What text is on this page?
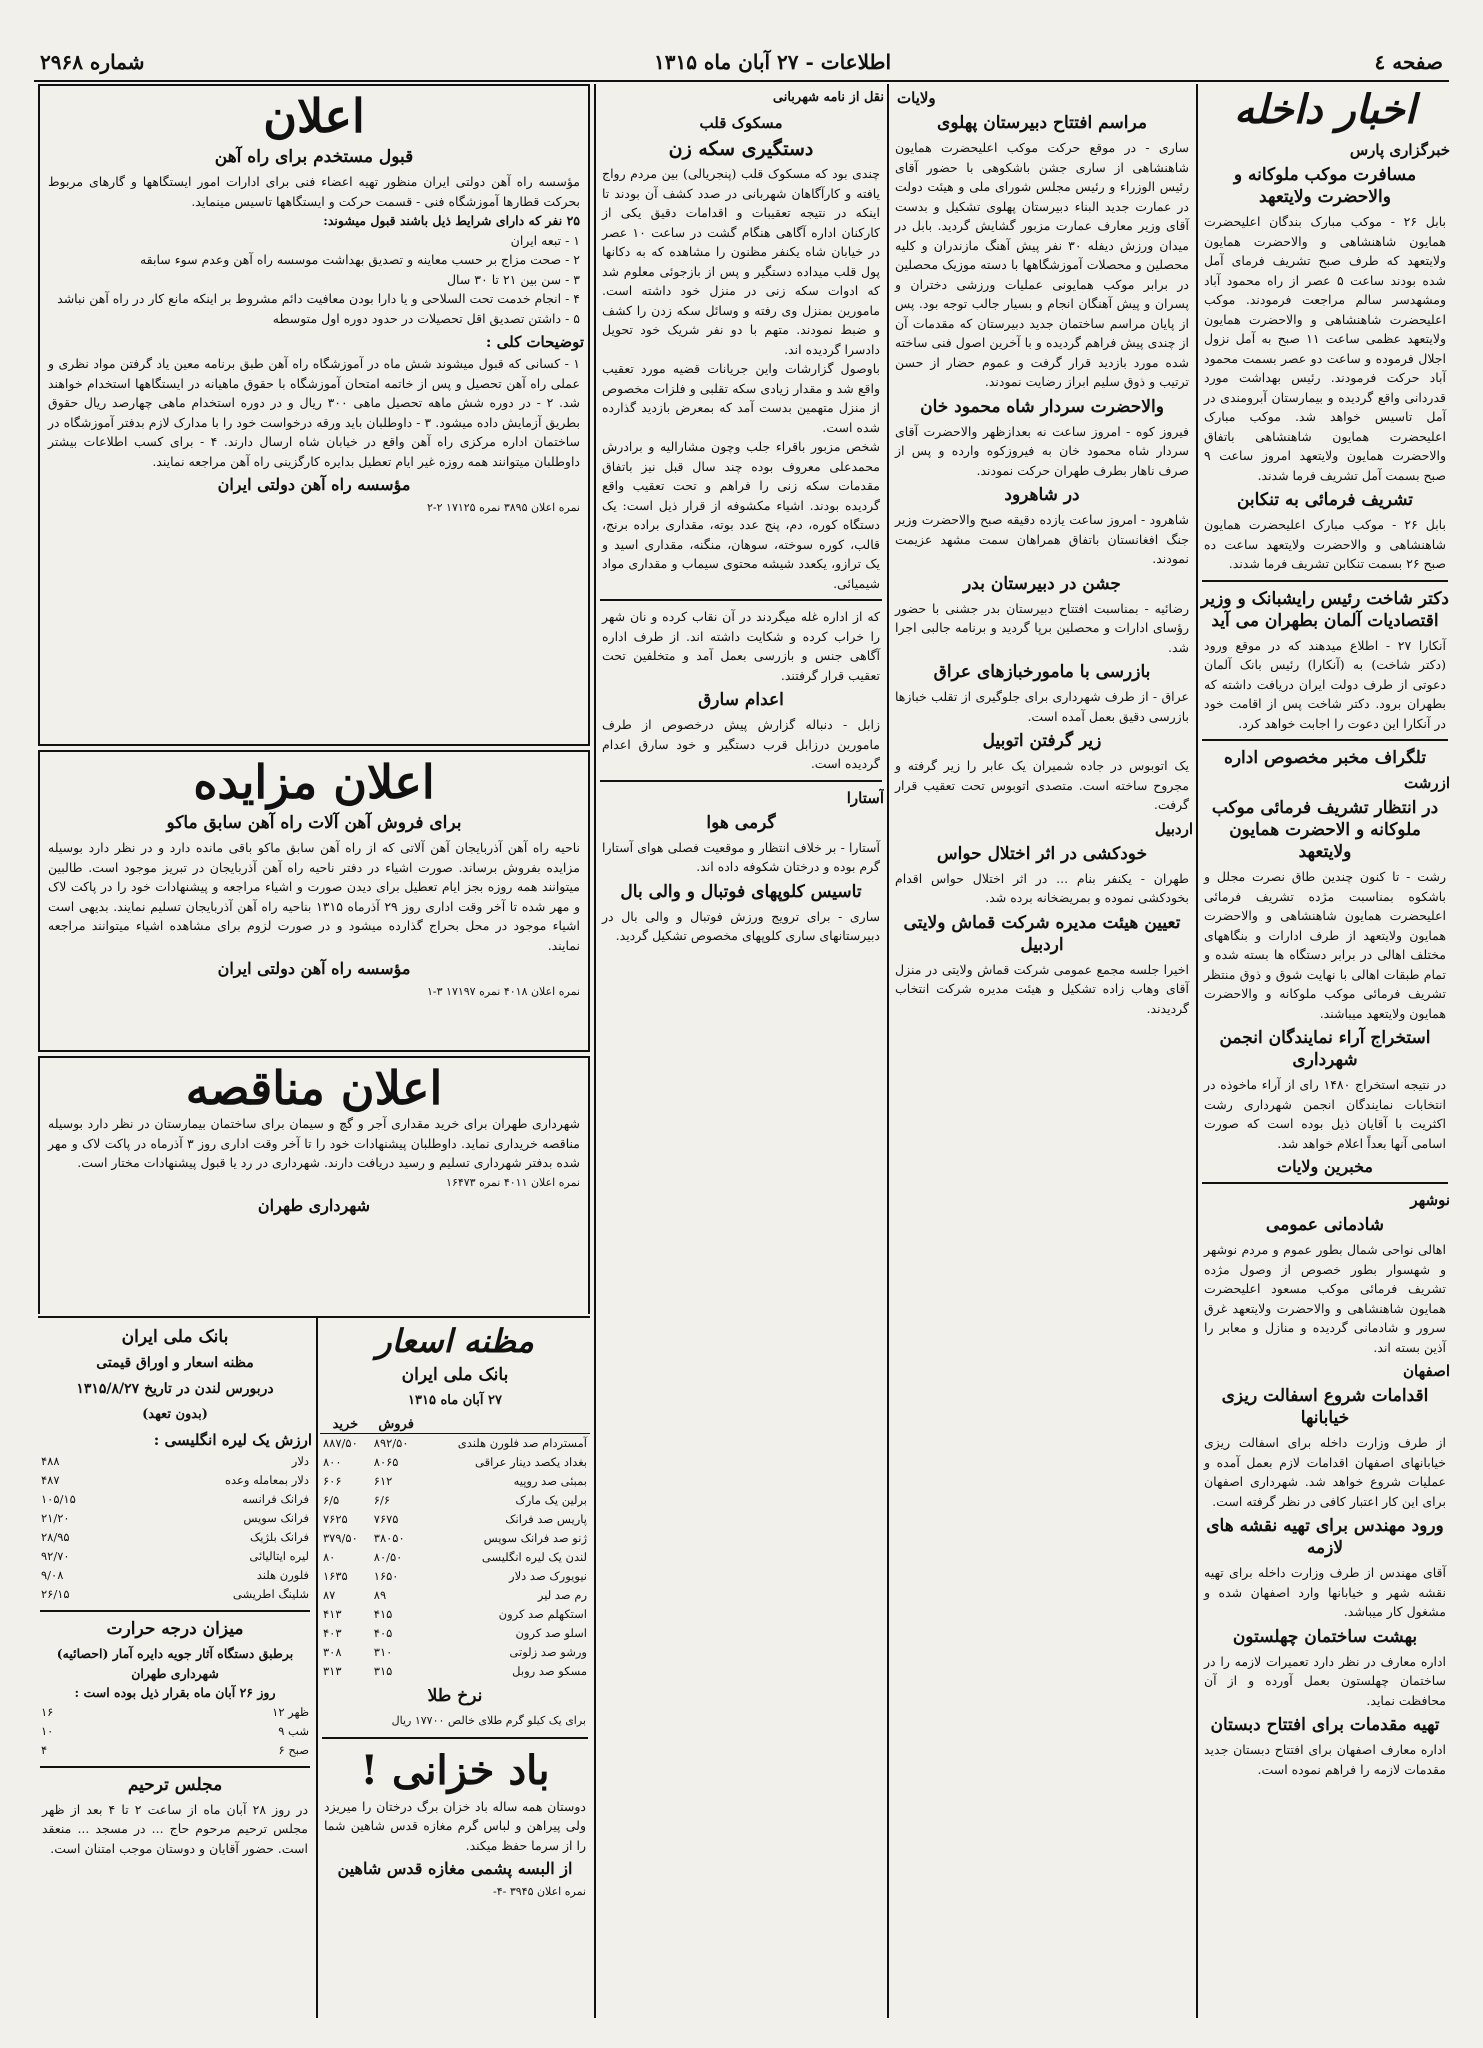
صفحه ٤
اطلاعات - ۲۷ آبان ماه ۱۳۱۵
شماره ۲۹۶۸
اخبار داخله
خبرگزاری پارس
مسافرت موکب ملوکانه و والاحضرت ولایتعهد
بابل ۲۶ - موکب مبارک بندگان اعلیحضرت همایون شاهنشاهی و والاحضرت همایون ولایتعهد که طرف صبح تشریف فرمای آمل شده بودند ساعت ۵ عصر از راه محمود آباد ومشهدسر سالم مراجعت فرمودند. موکب اعلیحضرت شاهنشاهی و والاحضرت همایون ولایتعهد عظمی ساعت ۱۱ صبح به آمل نزول اجلال فرموده و ساعت دو عصر بسمت محمود آباد حرکت فرمودند. رئیس بهداشت مورد قدردانی واقع گردیده و بیمارستان آبرومندی در آمل تاسیس خواهد شد. موکب مبارک اعلیحضرت همایون شاهنشاهی باتفاق والاحضرت همایون ولایتعهد امروز ساعت ۹ صبح بسمت آمل تشریف فرما شدند.
تشریف فرمائی به تنکابن
بابل ۲۶ - موکب مبارک اعلیحضرت همایون شاهنشاهی و والاحضرت ولایتعهد ساعت ده صبح ۲۶ بسمت تنکابن تشریف فرما شدند.
دکتر شاخت رئیس رایشبانک و وزیر اقتصادیات آلمان بطهران می آید
آنکارا ۲۷ - اطلاع میدهند که در موقع ورود (دکتر شاخت) به (آنکارا) رئیس بانک آلمان دعوتی از طرف دولت ایران دریافت داشته که بطهران برود. دکتر شاخت پس از اقامت خود در آنکارا این دعوت را اجابت خواهد کرد.
تلگراف مخبر مخصوص اداره
ازرشت
در انتظار تشریف فرمائی موکب ملوکانه و الاحضرت همایون ولایتعهد
رشت - تا کنون چندین طاق نصرت مجلل و باشکوه بمناسبت مژده تشریف فرمائی اعلیحضرت همایون شاهنشاهی و والاحضرت همایون ولایتعهد از طرف ادارات و بنگاههای مختلف اهالی در برابر دستگاه ها بسته شده و تمام طبقات اهالی با نهایت شوق و ذوق منتظر تشریف فرمائی موکب ملوکانه و والاحضرت همایون ولایتعهد میباشند.
استخراج آراء نمایندگان انجمن شهرداری
در نتیجه استخراج ۱۴۸۰ رای از آراء ماخوذه در انتخابات نمایندگان انجمن شهرداری رشت اکثریت با آقایان ذیل بوده است که صورت اسامی آنها بعداً اعلام خواهد شد.
مخبرین ولایات
نوشهر
شادمانی عمومی
اهالی نواحی شمال بطور عموم و مردم نوشهر و شهسوار بطور خصوص از وصول مژده تشریف فرمائی موکب مسعود اعلیحضرت همایون شاهنشاهی و والاحضرت ولایتعهد غرق سرور و شادمانی گردیده و منازل و معابر را آذین بسته اند.
اصفهان
اقدامات شروع اسفالت ریزی خیابانها
از طرف وزارت داخله برای اسفالت ریزی خیابانهای اصفهان اقدامات لازم بعمل آمده و عملیات شروع خواهد شد. شهرداری اصفهان برای این کار اعتبار کافی در نظر گرفته است.
ورود مهندس برای تهیه نقشه های لازمه
آقای مهندس از طرف وزارت داخله برای تهیه نقشه شهر و خیابانها وارد اصفهان شده و مشغول کار میباشد.
بهشت ساختمان چهلستون
اداره معارف در نظر دارد تعمیرات لازمه را در ساختمان چهلستون بعمل آورده و از آن محافظت نماید.
تهیه مقدمات برای افتتاح دبستان
اداره معارف اصفهان برای افتتاح دبستان جدید مقدمات لازمه را فراهم نموده است.
ولایات
مراسم افتتاح دبیرستان پهلوی
ساری - در موقع حرکت موکب اعلیحضرت همایون شاهنشاهی از ساری جشن باشکوهی با حضور آقای رئیس الوزراء و رئیس مجلس شورای ملی و هیئت دولت در عمارت جدید البناء دبیرستان پهلوی تشکیل و بدست آقای وزیر معارف عمارت مزبور گشایش گردید. بابل در میدان ورزش دیفله ۳۰ نفر پیش آهنگ مازندران و کلیه محصلین و محصلات آموزشگاهها با دسته موزیک محصلین در برابر موکب همایونی عملیات ورزشی دختران و پسران و پیش آهنگان انجام و بسیار جالب توجه بود. پس از پایان مراسم ساختمان جدید دبیرستان که مقدمات آن از چندی پیش فراهم گردیده و با آخرین اصول فنی ساخته شده مورد بازدید قرار گرفت و عموم حضار از حسن ترتیب و ذوق سلیم ابراز رضایت نمودند.
والاحضرت سردار شاه محمود خان
فیروز کوه - امروز ساعت نه بعدازظهر والاحضرت آقای سردار شاه محمود خان به فیروزکوه وارده و پس از صرف ناهار بطرف طهران حرکت نمودند.
در شاهرود
شاهرود - امروز ساعت یازده دقیقه صبح والاحضرت وزیر جنگ افغانستان باتفاق همراهان سمت مشهد عزیمت نمودند.
جشن در دبیرستان بدر
رضائیه - بمناسبت افتتاح دبیرستان بدر جشنی با حضور رؤسای ادارات و محصلین برپا گردید و برنامه جالبی اجرا شد.
بازرسی با مامورخبازهای عراق
عراق - از طرف شهرداری برای جلوگیری از تقلب خبازها بازرسی دقیق بعمل آمده است.
زیر گرفتن اتوبیل
یک اتوبوس در جاده شمیران یک عابر را زیر گرفته و مجروح ساخته است. متصدی اتوبوس تحت تعقیب قرار گرفت.
اردبیل
خودکشی در اثر اختلال حواس
طهران - یکنفر بنام ... در اثر اختلال حواس اقدام بخودکشی نموده و بمریضخانه برده شد.
تعیین هیئت مدیره شرکت قماش ولایتی اردبیل
اخیرا جلسه مجمع عمومی شرکت قماش ولایتی در منزل آقای وهاب زاده تشکیل و هیئت مدیره شرکت انتخاب گردیدند.
نقل از نامه شهربانی
مسکوک قلب
دستگیری سکه زن
چندی بود که مسکوک قلب (پنجریالی) بین مردم رواج یافته و کارآگاهان شهربانی در صدد کشف آن بودند تا اینکه در نتیجه تعقیبات و اقدامات دقیق یکی از کارکنان اداره آگاهی هنگام گشت در ساعت ۱۰ عصر در خیابان شاه یکنفر مظنون را مشاهده که به دکانها پول قلب میداده دستگیر و پس از بازجوئی معلوم شد که ادوات سکه زنی در منزل خود داشته است. مامورین بمنزل وی رفته و وسائل سکه زدن را کشف و ضبط نمودند. متهم با دو نفر شریک خود تحویل دادسرا گردیده اند.
باوصول گزارشات واین جریانات قضیه مورد تعقیب واقع شد و مقدار زیادی سکه تقلبی و فلزات مخصوص از منزل متهمین بدست آمد که بمعرض بازدید گذارده شده است.
شخص مزبور باقراء جلب وچون مشارالیه و برادرش محمدعلی معروف بوده چند سال قبل نیز باتفاق مقدمات سکه زنی را فراهم و تحت تعقیب واقع گردیده بودند. اشیاء مکشوفه از قرار ذیل است: یک دستگاه کوره، دم، پنج عدد بوته، مقداری براده برنج، قالب، کوره سوخته، سوهان، منگنه، مقداری اسید و یک ترازو، یکعدد شیشه محتوی سیماب و مقداری مواد شیمیائی.
که از اداره غله میگردند در آن نقاب کرده و نان شهر را خراب کرده و شکایت داشته اند. از طرف اداره آگاهی جنس و بازرسی بعمل آمد و متخلفین تحت تعقیب قرار گرفتند.
اعدام سارق
زابل - دنباله گزارش پیش درخصوص از طرف مامورین درزابل قرب دستگیر و خود سارق اعدام گردیده است.
آستارا
گرمی هوا
آستارا - بر خلاف انتظار و موقعیت فصلی هوای آستارا گرم بوده و درختان شکوفه داده اند.
تاسیس کلوپهای فوتبال و والی بال
ساری - برای ترویج ورزش فوتبال و والی بال در دبیرستانهای ساری کلوپهای مخصوص تشکیل گردید.
اعلان
قبول مستخدم برای راه آهن
مؤسسه راه آهن دولتی ایران منظور تهیه اعضاء فنی برای ادارات امور ایستگاهها و گارهای مربوط بحرکت قطارها آموزشگاه فنی - قسمت حرکت و ایستگاهها تاسیس مینماید.
۲۵ نفر که دارای شرایط ذیل باشند قبول میشوند:
۱ - تبعه ایران
۲ - صحت مزاج بر حسب معاینه و تصدیق بهداشت موسسه راه آهن وعدم سوء سابقه
۳ - سن بین ۲۱ تا ۳۰ سال
۴ - انجام خدمت تحت السلاحی و یا دارا بودن معافیت دائم مشروط بر اینکه مانع کار در راه آهن نباشد
۵ - داشتن تصدیق اقل تحصیلات در حدود دوره اول متوسطه
توضیحات کلی :
۱ - کسانی که قبول میشوند شش ماه در آموزشگاه راه آهن طبق برنامه معین یاد گرفتن مواد نظری و عملی راه آهن تحصیل و پس از خاتمه امتحان آموزشگاه با حقوق ماهیانه در ایستگاهها استخدام خواهند شد. ۲ - در دوره شش ماهه تحصیل ماهی ۳۰۰ ریال و در دوره استخدام ماهی چهارصد ریال حقوق بطریق آزمایش داده میشود. ۳ - داوطلبان باید ورقه درخواست خود را با مدارک لازم بدفتر آموزشگاه در ساختمان اداره مرکزی راه آهن واقع در خیابان شاه ارسال دارند. ۴ - برای کسب اطلاعات بیشتر داوطلبان میتوانند همه روزه غیر ایام تعطیل بدایره کارگزینی راه آهن مراجعه نمایند.
مؤسسه راه آهن دولتی ایران
نمره اعلان ۳۸۹۵ نمره ۱۷۱۲۵ ۲-۲
اعلان مزایده
برای فروش آهن آلات راه آهن سابق ماکو
ناحیه راه آهن آذربایجان آهن آلاتی که از راه آهن سابق ماکو باقی مانده دارد و در نظر دارد بوسیله مزایده بفروش برساند. صورت اشیاء در دفتر ناحیه راه آهن آذربایجان در تبریز موجود است. طالبین میتوانند همه روزه بجز ایام تعطیل برای دیدن صورت و اشیاء مراجعه و پیشنهادات خود را در پاکت لاک و مهر شده تا آخر وقت اداری روز ۲۹ آذرماه ۱۳۱۵ بناحیه راه آهن آذربایجان تسلیم نمایند. بدیهی است اشیاء موجود در محل بحراج گذارده میشود و در صورت لزوم برای مشاهده اشیاء میتوانند مراجعه نمایند.
مؤسسه راه آهن دولتی ایران
نمره اعلان ۴۰۱۸ نمره ۱۷۱۹۷ ۳-۱
اعلان مناقصه
شهرداری طهران برای خرید مقداری آجر و گچ و سیمان برای ساختمان بیمارستان در نظر دارد بوسیله مناقصه خریداری نماید. داوطلبان پیشنهادات خود را تا آخر وقت اداری روز ۳ آذرماه در پاکت لاک و مهر شده بدفتر شهرداری تسلیم و رسید دریافت دارند. شهرداری در رد یا قبول پیشنهادات مختار است.
نمره اعلان ۴۰۱۱ نمره ۱۶۴۷۳
شهرداری طهران
بانک ملی ایران
مظنه اسعار و اوراق قیمتی
دربورس لندن در تاریخ ۱۳۱۵/۸/۲۷
(بدون تعهد)
ارزش یک لیره انگلیسی :
دلار	۴۸۸
دلار بمعامله وعده	۴۸۷
فرانک فرانسه	۱۰۵/۱۵
فرانک سویس	۲۱/۲۰
فرانک بلژیک	۲۸/۹۵
لیره ایتالیائی	۹۲/۷۰
فلورن هلند	۹/۰۸
شلینگ اطریشی	۲۶/۱۵
میزان درجه حرارت
برطبق دستگاه آثار جویه دایره آمار (احصائیه) شهرداری طهران
روز ۲۶ آبان ماه بقرار ذیل بوده است :
ظهر ۱۲	۱۶
شب ۹	۱۰
صبح ۶	۴
مجلس ترحیم
در روز ۲۸ آبان ماه از ساعت ۲ تا ۴ بعد از ظهر مجلس ترحیم مرحوم حاج ... در مسجد ... منعقد است. حضور آقایان و دوستان موجب امتنان است.
مظنه اسعار
بانک ملی ایران
۲۷ آبان ماه ۱۳۱۵
	فروش	خرید
آمستردام صد فلورن هلندی	۸۹۲/۵۰	۸۸۷/۵۰
بغداد یکصد دینار عراقی	۸۰۶۵	۸۰۰
بمبئی صد روپیه	۶۱۲	۶۰۶
برلین یک مارک	۶/۶	۶/۵
پاریس صد فرانک	۷۶۷۵	۷۶۲۵
ژنو صد فرانک سویس	۳۸۰۵۰	۳۷۹/۵۰
لندن یک لیره انگلیسی	۸۰/۵۰	۸۰
نیویورک صد دلار	۱۶۵۰	۱۶۳۵
رم صد لیر	۸۹	۸۷
استکهلم صد کرون	۴۱۵	۴۱۳
اسلو صد کرون	۴۰۵	۴۰۳
ورشو صد زلوتی	۳۱۰	۳۰۸
مسکو صد روبل	۳۱۵	۳۱۳
نرخ طلا
برای یک کیلو گرم طلای خالص ۱۷۷۰۰ ریال
باد خزانی !
دوستان همه ساله باد خزان برگ درختان را میریزد ولی پیراهن و لباس گرم مغازه قدس شاهین شما را از سرما حفظ میکند.
از البسه پشمی مغازه قدس شاهین
نمره اعلان ۳۹۴۵ -۴-
